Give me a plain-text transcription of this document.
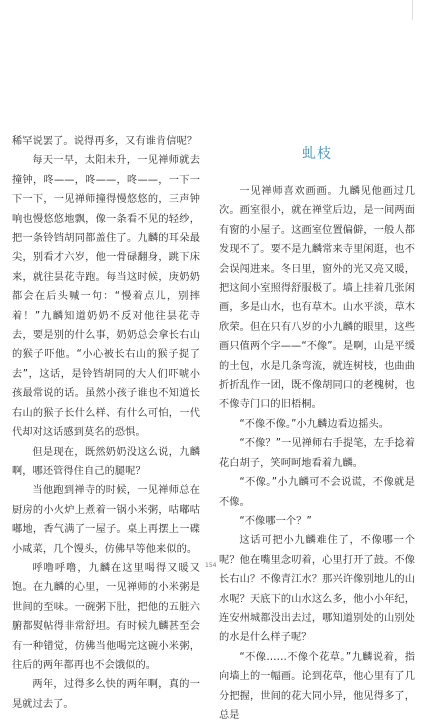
稀罕说罢了。说得再多，又有谁肯信呢？

每天一早，太阳未升，一见禅师就去撞钟，咚——，咚——，咚——，一下一下一下，一见禅师撞得慢悠悠的，三声钟响也慢悠悠地飘，像一条看不见的轻纱，把一条铃铛胡同都盖住了。九麟的耳朵最尖，别看才六岁，他一骨碌翻身，跳下床来，就往昙花寺跑。每当这时候，庚奶奶都会在后头喊一句：“慢着点儿，别摔着！”九麟知道奶奶不反对他往昙花寺去，要是别的什么事，奶奶总会拿长右山的猴子吓他。“小心被长右山的猴子捉了去”，这话，是铃铛胡同的大人们吓唬小孩最常说的话。虽然小孩子谁也不知道长右山的猴子长什么样、有什么可怕，一代代却对这话感到莫名的恐惧。

但是现在，既然奶奶没这么说，九麟啊，哪还管得住自己的腿呢？

当他跑到禅寺的时候，一见禅师总在厨房的小火炉上煮着一锅小米粥，咕嘟咕嘟地，香气满了一屋子。桌上再摆上一碟小咸菜，几个馒头，仿佛早等他来似的。

呼噜呼噜，九麟在这里喝得又暖又饱。在九麟的心里，一见禅师的小米粥是世间的至味。一碗粥下肚，把他的五脏六腑都熨帖得非常舒坦。有时候九麟甚至会有一种错觉，仿佛当他喝完这碗小米粥，往后的两年都再也不会饿似的。

两年，过得多么快的两年啊，真的一晃就过去了。

虬枝

一见禅师喜欢画画。九麟见他画过几次。画室很小，就在禅堂后边，是一间两面有窗的小屋子。这画室位置偏僻，一般人都发现不了。要不是九麟常来寺里闲逛，也不会误闯进来。冬日里，窗外的光又亮又暖，把这间小室照得舒服极了。墙上挂着几张闲画，多是山水，也有草木。山水平淡，草木欣荣。但在只有八岁的小九麟的眼里，这些画只值两个字——“不像”。是啊，山是平缓的土包，水是几条弯流，就连树枝，也曲曲折折乱作一团，既不像胡同口的老槐树，也不像寺门口的旧梧桐。

“不像不像。”小九麟边看边摇头。

“不像？”一见禅师右手提笔，左手捻着花白胡子，笑呵呵地看着九麟。

“不像。”小九麟可不会说谎，不像就是不像。

“不像哪一个？”

这话可把小九麟难住了，不像哪一个呢？他在嘴里念叨着，心里打开了鼓。不像长右山？不像青江水？那兴许像别地儿的山水呢？天底下的山水这么多，他小小年纪，连安州城都没出去过，哪知道别处的山别处的水是什么样子呢？

“不像……不像个花草。”九麟说着，指向墙上的一幅画。论到花草，他心里有了几分把握，世间的花大同小异，他见得多了，总是

154
